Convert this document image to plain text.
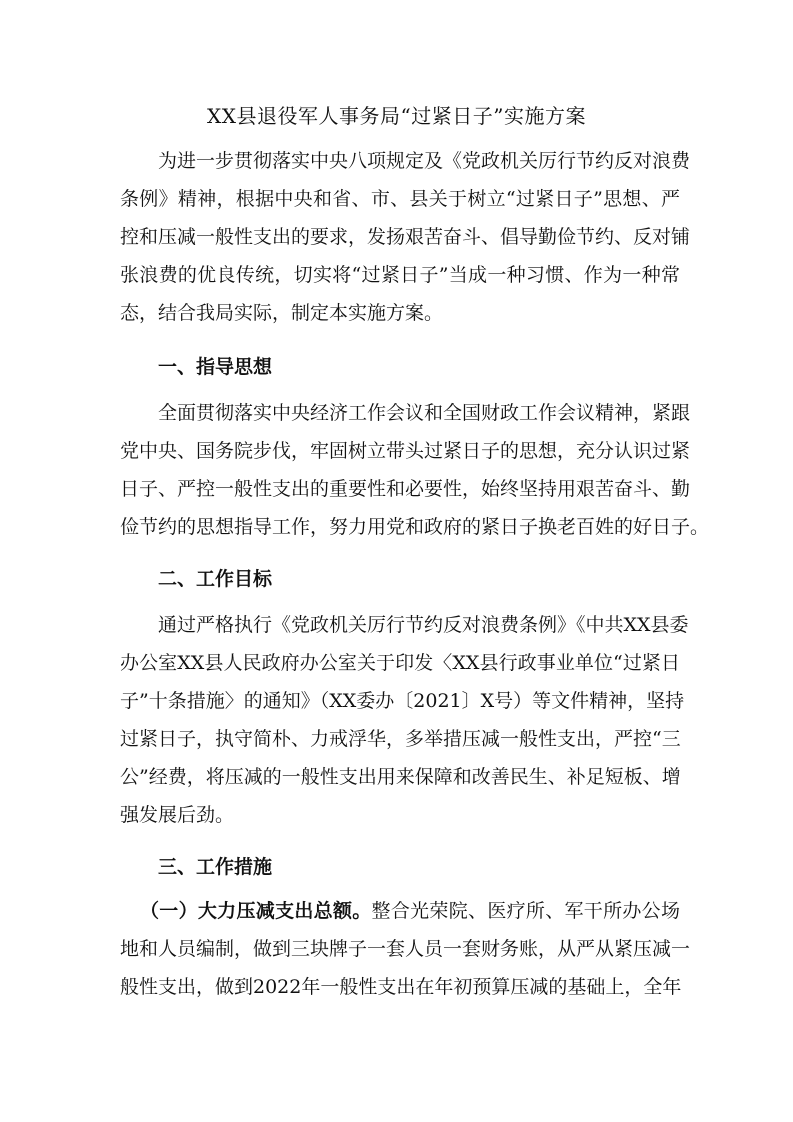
XX县退役军人事务局“过紧日子”实施方案
为进一步贯彻落实中央八项规定及《党政机关厉行节约反对浪费
条例》精神，根据中央和省、市、县关于树立“过紧日子”思想、严
控和压减一般性支出的要求，发扬艰苦奋斗、倡导勤俭节约、反对铺
张浪费的优良传统，切实将“过紧日子”当成一种习惯、作为一种常
态，结合我局实际，制定本实施方案。
一、指导思想
全面贯彻落实中央经济工作会议和全国财政工作会议精神，紧跟
党中央、国务院步伐，牢固树立带头过紧日子的思想，充分认识过紧
日子、严控一般性支出的重要性和必要性，始终坚持用艰苦奋斗、勤
俭节约的思想指导工作，努力用党和政府的紧日子换老百姓的好日子。
二、工作目标
通过严格执行《党政机关厉行节约反对浪费条例》《中共XX县委
办公室XX县人民政府办公室关于印发〈XX县行政事业单位“过紧日
子”十条措施〉的通知》（XX委办〔2021〕X号）等文件精神，坚持
过紧日子，执守简朴、力戒浮华，多举措压减一般性支出，严控“三
公”经费，将压减的一般性支出用来保障和改善民生、补足短板、增
强发展后劲。
三、工作措施
（一）大力压减支出总额。整合光荣院、医疗所、军干所办公场
地和人员编制，做到三块牌子一套人员一套财务账，从严从紧压减一
般性支出，做到2022年一般性支出在年初预算压减的基础上，全年
